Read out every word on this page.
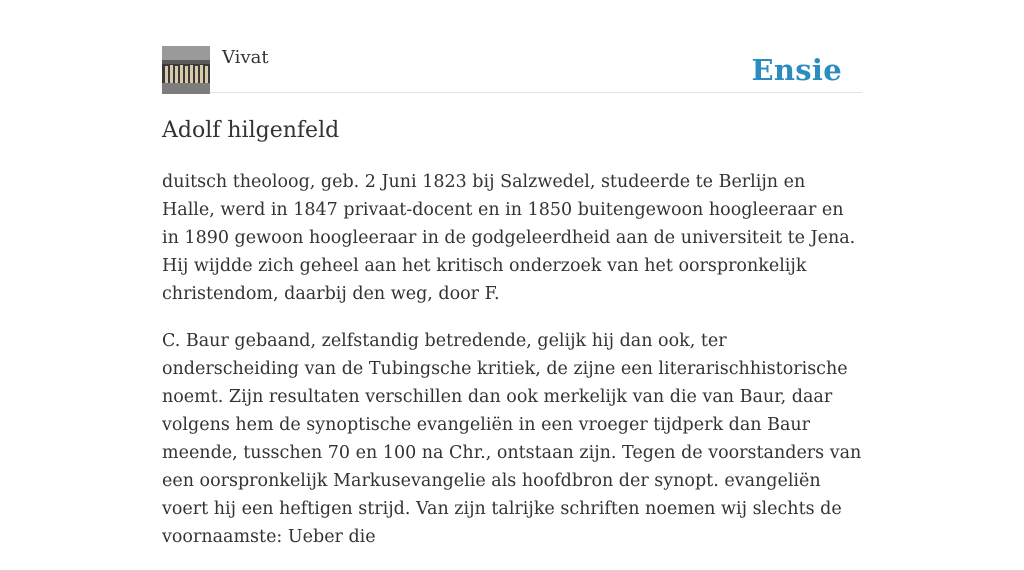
Vivat	Ensie
Adolf hilgenfeld

duitsch theoloog, geb. 2 Juni 1823 bij Salzwedel, studeerde te Berlijn en Halle, werd in 1847 privaat-docent en in 1850 buitengewoon hoogleeraar en in 1890 gewoon hoogleeraar in de godgeleerdheid aan de universiteit te Jena. Hij wijdde zich geheel aan het kritisch onderzoek van het oorspronkelijk christendom, daarbij den weg, door F.

C. Baur gebaand, zelfstandig betredende, gelijk hij dan ook, ter onderscheiding van de Tubingsche kritiek, de zijne een literarischhistorische noemt. Zijn resultaten verschillen dan ook merkelijk van die van Baur, daar volgens hem de synoptische evangeliën in een vroeger tijdperk dan Baur meende, tusschen 70 en 100 na Chr., ontstaan zijn. Tegen de voorstanders van een oorspronkelijk Markusevangelie als hoofdbron der synopt. evangeliën voert hij een heftigen strijd. Van zijn talrijke schriften noemen wij slechts de voornaamste: Ueber die
